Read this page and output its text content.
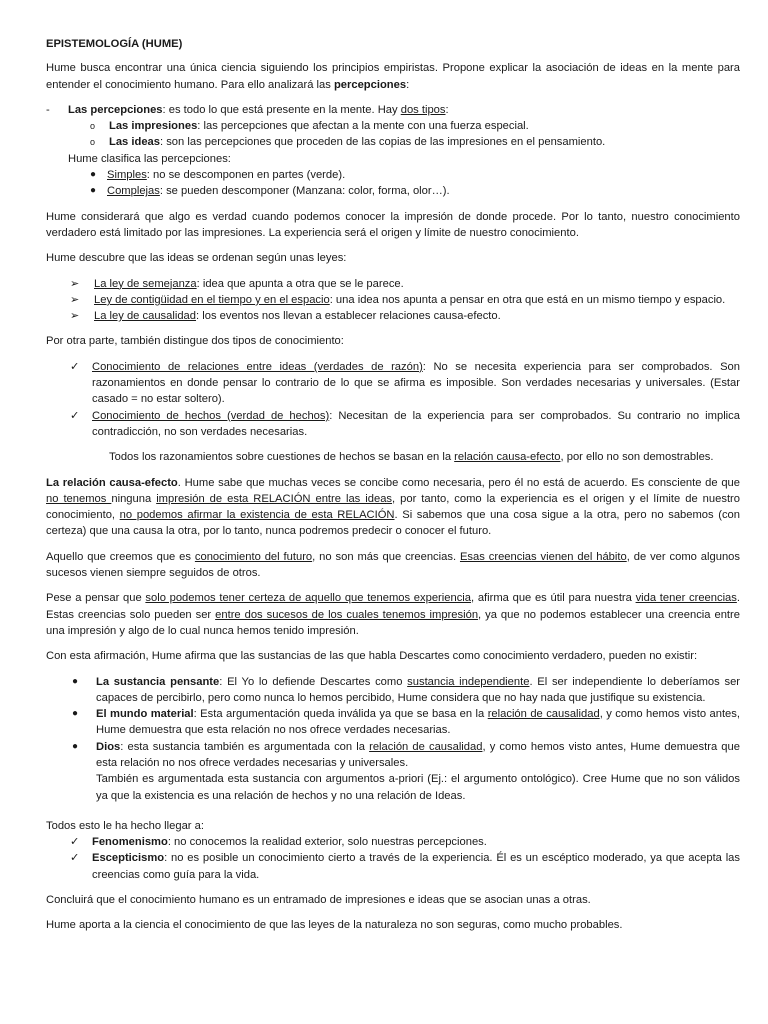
EPISTEMOLOGÍA (HUME)

Hume busca encontrar una única ciencia siguiendo los principios empiristas. Propone explicar la asociación de ideas en la mente para entender el conocimiento humano. Para ello analizará las percepciones:

-	Las percepciones: es todo lo que está presente en la mente. Hay dos tipos:

o	Las impresiones: las percepciones que afectan a la mente con una fuerza especial.

o	Las ideas: son las percepciones que proceden de las copias de las impresiones en el pensamiento.

Hume clasifica las percepciones:

● Simples: no se descomponen en partes (verde).

● Complejas: se pueden descomponer (Manzana: color, forma, olor…).

Hume considerará que algo es verdad cuando podemos conocer la impresión de donde procede. Por lo tanto, nuestro conocimiento verdadero está limitado por las impresiones. La experiencia será el origen y límite de nuestro conocimiento.

Hume descubre que las ideas se ordenan según unas leyes:

➢	La ley de semejanza: idea que apunta a otra que se le parece.

➢	Ley de contigüidad en el tiempo y en el espacio: una idea nos apunta a pensar en otra que está en un mismo tiempo y espacio.

➢	La ley de causalidad: los eventos nos llevan a establecer relaciones causa-efecto.

Por otra parte, también distingue dos tipos de conocimiento:

✓	Conocimiento de relaciones entre ideas (verdades de razón): No se necesita experiencia para ser comprobados. Son razonamientos en donde pensar lo contrario de lo que se afirma es imposible. Son verdades necesarias y universales. (Estar casado = no estar soltero).

✓	Conocimiento de hechos (verdad de hechos): Necesitan de la experiencia para ser comprobados. Su contrario no implica contradicción, no son verdades necesarias.

Todos los razonamientos sobre cuestiones de hechos se basan en la relación causa-efecto, por ello no son demostrables.

La relación causa-efecto. Hume sabe que muchas veces se concibe como necesaria, pero él no está de acuerdo. Es consciente de que no tenemos ninguna impresión de esta RELACIÓN entre las ideas, por tanto, como la experiencia es el origen y el límite de nuestro conocimiento, no podemos afirmar la existencia de esta RELACIÓN. Si sabemos que una cosa sigue a la otra, pero no sabemos (con certeza) que una causa la otra, por lo tanto, nunca podremos predecir o conocer el futuro.

Aquello que creemos que es conocimiento del futuro, no son más que creencias. Esas creencias vienen del hábito, de ver como algunos sucesos vienen siempre seguidos de otros.

Pese a pensar que solo podemos tener certeza de aquello que tenemos experiencia, afirma que es útil para nuestra vida tener creencias. Estas creencias solo pueden ser entre dos sucesos de los cuales tenemos impresión, ya que no podemos establecer una creencia entre una impresión y algo de lo cual nunca hemos tenido impresión.

Con esta afirmación, Hume afirma que las sustancias de las que habla Descartes como conocimiento verdadero, pueden no existir:

●	La sustancia pensante: El Yo lo defiende Descartes como sustancia independiente. El ser independiente lo deberíamos ser capaces de percibirlo, pero como nunca lo hemos percibido, Hume considera que no hay nada que justifique su existencia.

●	El mundo material: Esta argumentación queda inválida ya que se basa en la relación de causalidad, y como hemos visto antes, Hume demuestra que esta relación no nos ofrece verdades necesarias.

●	Dios: esta sustancia también es argumentada con la relación de causalidad, y como hemos visto antes, Hume demuestra que esta relación no nos ofrece verdades necesarias y universales.

También es argumentada esta sustancia con argumentos a-priori (Ej.: el argumento ontológico). Cree Hume que no son válidos ya que la existencia es una relación de hechos y no una relación de Ideas.

Todos esto le ha hecho llegar a:

✓	Fenomenismo: no conocemos la realidad exterior, solo nuestras percepciones.

✓	Escepticismo: no es posible un conocimiento cierto a través de la experiencia. Él es un escéptico moderado, ya que acepta las creencias como guía para la vida.

Concluirá que el conocimiento humano es un entramado de impresiones e ideas que se asocian unas a otras.

Hume aporta a la ciencia el conocimiento de que las leyes de la naturaleza no son seguras, como mucho probables.
